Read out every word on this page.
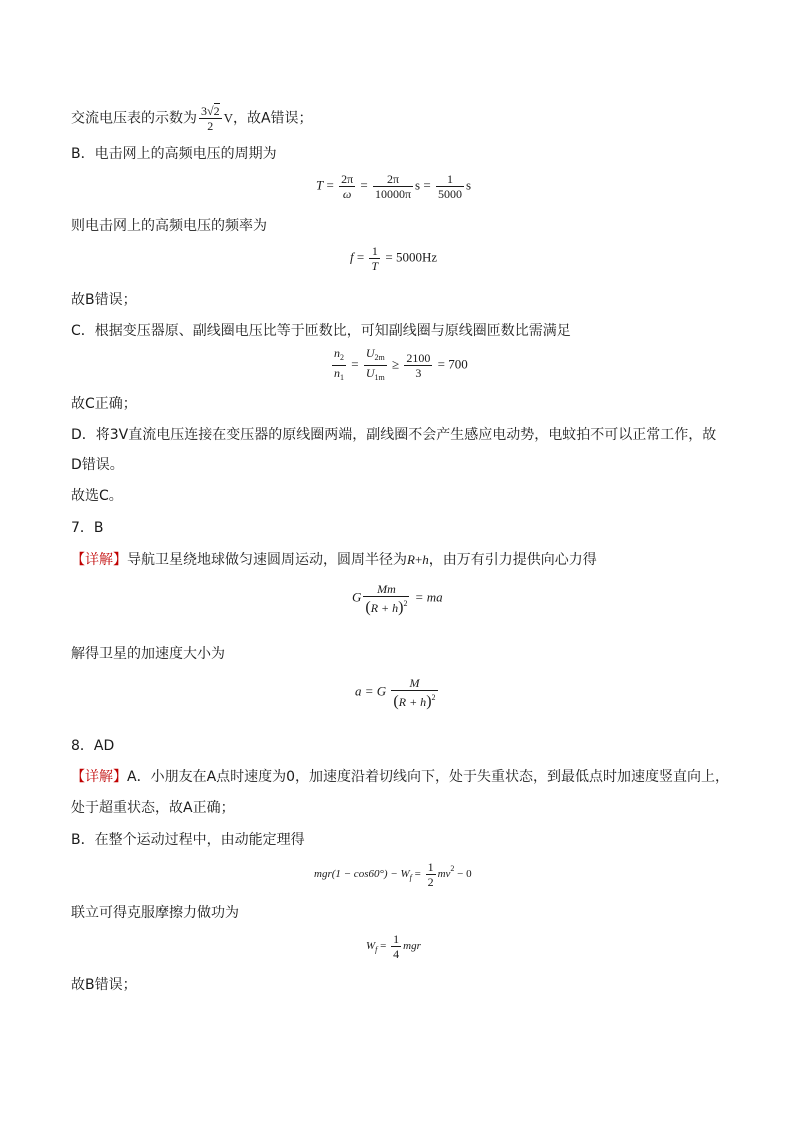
交流电压表的示数为 $\frac{3√2}{2}$ V，故A错误；
B．电击网上的高频电压的周期为
$T = \frac{2\pi}{\omega} = \frac{2\pi}{10000\pi}$ $s = \frac{1}{5000}$ s
则电击网上的高频电压的频率为
$f = \frac{1}{T} = 5000Hz$
故B错误；
C．根据变压器原、副线圈电压比等于匝数比，可知副线圈与原线圈匝数比需满足
$\frac{n_2}{n_1} = \frac{U_{2m}}{U_{1m}} \ge \frac{2100}{3} = 700$
故C正确；
D．将3V直流电压连接在变压器的原线圈两端，副线圈不会产生感应电动势，电蚊拍不可以正常工作，故
D错误。
故选C。
7．B
【详解】导航卫星绕地球做匀速圆周运动，圆周半径为R+h，由万有引力提供向心力得
G $\frac{Mm}{(R + h)^2}$ = ma
解得卫星的加速度大小为
a = G $\frac{M}{(R + h)^2}$
8．AD
【详解】A．小朋友在A点时速度为0，加速度沿着切线向下，处于失重状态，到最低点时加速度竖直向上，
处于超重状态，故A正确；
B．在整个运动过程中，由动能定理得
$mgr(1 - \cos 60^\circ) - W_f = \frac{1}{2} mv^2 - 0$
联立可得克服摩擦力做功为
$W_f = \frac{1}{4}$ mgr
故B错误；
